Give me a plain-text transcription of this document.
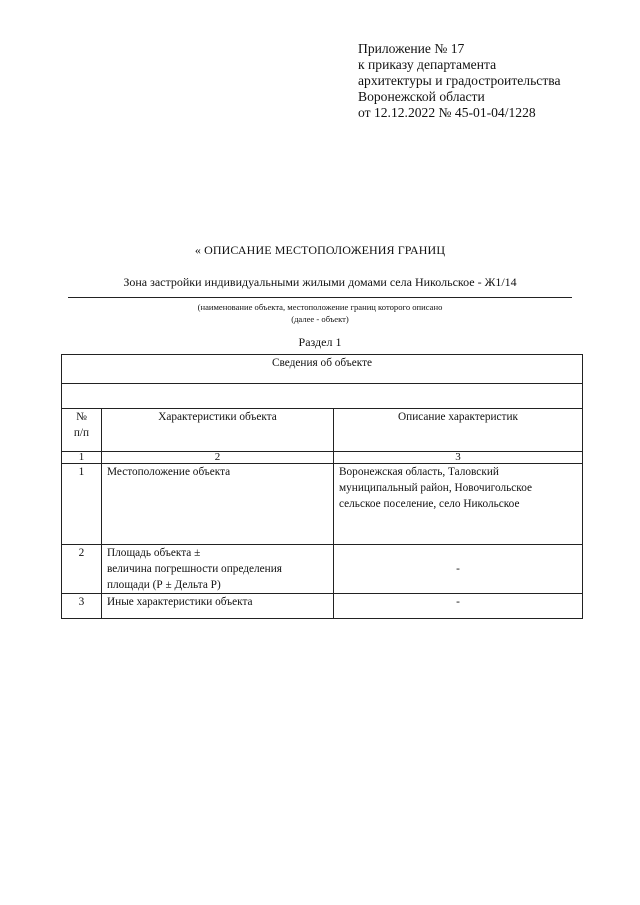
Приложение № 17
к приказу департамента
архитектуры и градостроительства
Воронежской области
от 12.12.2022 № 45-01-04/1228
« ОПИСАНИЕ МЕСТОПОЛОЖЕНИЯ ГРАНИЦ
Зона застройки индивидуальными жилыми домами села Никольское - Ж1/14
(наименование объекта, местоположение границ которого описано
(далее - объект)
Раздел 1
Сведения об объекте		

№
п/п	Характеристики объекта	Описание характеристик
1	2	3
1	Местоположение объекта	Воронежская область, Таловский
муниципальный район, Новочигольское
сельское поселение, село Никольское

2	Площадь объекта ±
величина погрешности определения
площади (Р ± Дельта Р)	-
3	Иные характеристики объекта	-
